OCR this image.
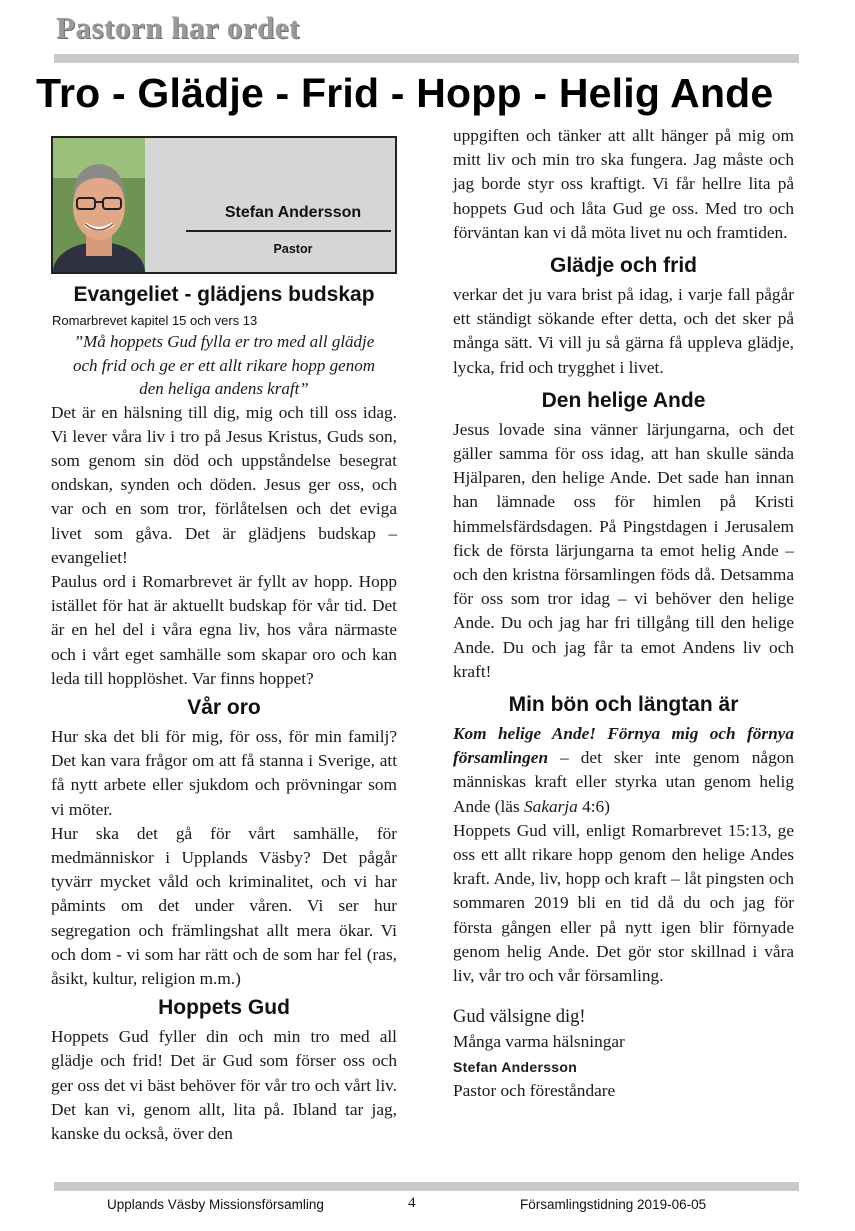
Pastorn har ordet
Tro - Glädje - Frid - Hopp - Helig Ande
Stefan Andersson
Pastor
Evangeliet - glädjens budskap
Romarbrevet kapitel 15 och vers 13
”Må hoppets Gud fylla er tro med all glädje och frid och ge er ett allt rikare hopp genom den heliga andens kraft”

Det är en hälsning till dig, mig och till oss idag. Vi lever våra liv i tro på Jesus Kristus, Guds son, som genom sin död och uppståndelse besegrat ondskan, synden och döden. Jesus ger oss, och var och en som tror, förlåtelsen och det eviga livet som gåva. Det är glädjens budskap – evangeliet!

Paulus ord i Romarbrevet är fyllt av hopp. Hopp istället för hat är aktuellt budskap för vår tid. Det är en hel del i våra egna liv, hos våra närmaste och i vårt eget samhälle som skapar oro och kan leda till hopplöshet. Var finns hoppet?

Vår oro

Hur ska det bli för mig, för oss, för min familj? Det kan vara frågor om att få stanna i Sverige, att få nytt arbete eller sjukdom och prövningar som vi möter.

Hur ska det gå för vårt samhälle, för medmänniskor i Upplands Väsby? Det pågår tyvärr mycket våld och kriminalitet, och vi har påmints om det under våren. Vi ser hur segregation och främlingshat allt mera ökar. Vi och dom - vi som har rätt och de som har fel (ras, åsikt, kultur, religion m.m.)

Hoppets Gud

Hoppets Gud fyller din och min tro med all glädje och frid! Det är Gud som förser oss och ger oss det vi bäst behöver för vår tro och vårt liv. Det kan vi, genom allt, lita på. Ibland tar jag, kanske du också, över den

uppgiften och tänker att allt hänger på mig om mitt liv och min tro ska fungera. Jag måste och jag borde styr oss kraftigt. Vi får hellre lita på hoppets Gud och låta Gud ge oss. Med tro och förväntan kan vi då möta livet nu och framtiden.

Glädje och frid

verkar det ju vara brist på idag, i varje fall pågår ett ständigt sökande efter detta, och det sker på många sätt. Vi vill ju så gärna få uppleva glädje, lycka, frid och trygghet i livet.

Den helige Ande

Jesus lovade sina vänner lärjungarna, och det gäller samma för oss idag, att han skulle sända Hjälparen, den helige Ande. Det sade han innan han lämnade oss för himlen på Kristi himmelsfärdsdagen. På Pingstdagen i Jerusalem fick de första lärjungarna ta emot helig Ande – och den kristna församlingen föds då. Detsamma för oss som tror idag – vi behöver den helige Ande. Du och jag har fri tillgång till den helige Ande. Du och jag får ta emot Andens liv och kraft!

Min bön och längtan är

Kom helige Ande! Förnya mig och förnya församlingen – det sker inte genom någon människas kraft eller styrka utan genom helig Ande (läs Sakarja 4:6)

Hoppets Gud vill, enligt Romarbrevet 15:13, ge oss ett allt rikare hopp genom den helige Andes kraft. Ande, liv, hopp och kraft – låt pingsten och sommaren 2019 bli en tid då du och jag för första gången eller på nytt igen blir förnyade genom helig Ande. Det gör stor skillnad i våra liv, vår tro och vår församling.

Gud välsigne dig!
Många varma hälsningar
Stefan Andersson
Pastor och föreståndare
Upplands Väsby Missionsförsamling	4	Församlingstidning 2019-06-05
